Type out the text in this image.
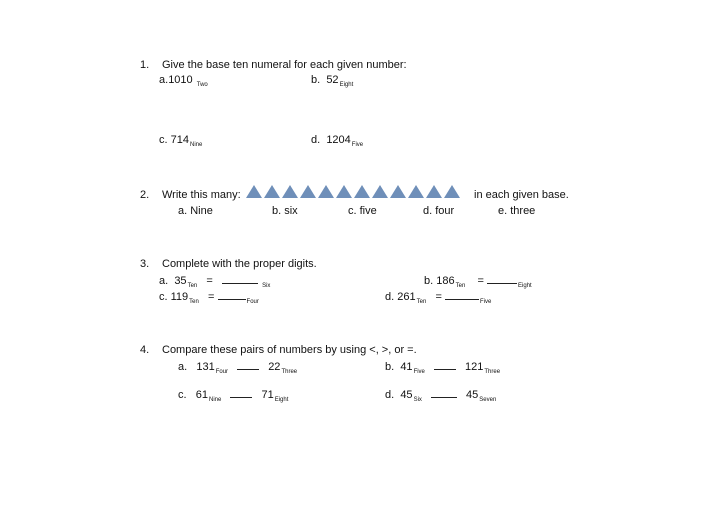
1. Give the base ten numeral for each given number:
a.1010 $_{Two}$	b. $52_{Eight}$
c. $714_{Nine}$	d. $1204_{Five}$
2. Write this many:	in each given base.
a. Nine	b. six	c. five	d. four	e. three
3. Complete with the proper digits.
a. $35_{Ten}$ =	$_{Six}$	b. $186_{Ten}$ =	$_{Eight}$
c. $119_{Ten}$ =	$_{Four}$	d. $261_{Ten}$ =	$_{Five}$
4. Compare these pairs of numbers by using <, >, or =.
a. $131_{Four}$	$22_{Three}$	b. $41_{Five}$	$121_{Three}$
c. $61_{Nine}$	$71_{Eight}$	d. $45_{Six}$	$45_{Seven}$
